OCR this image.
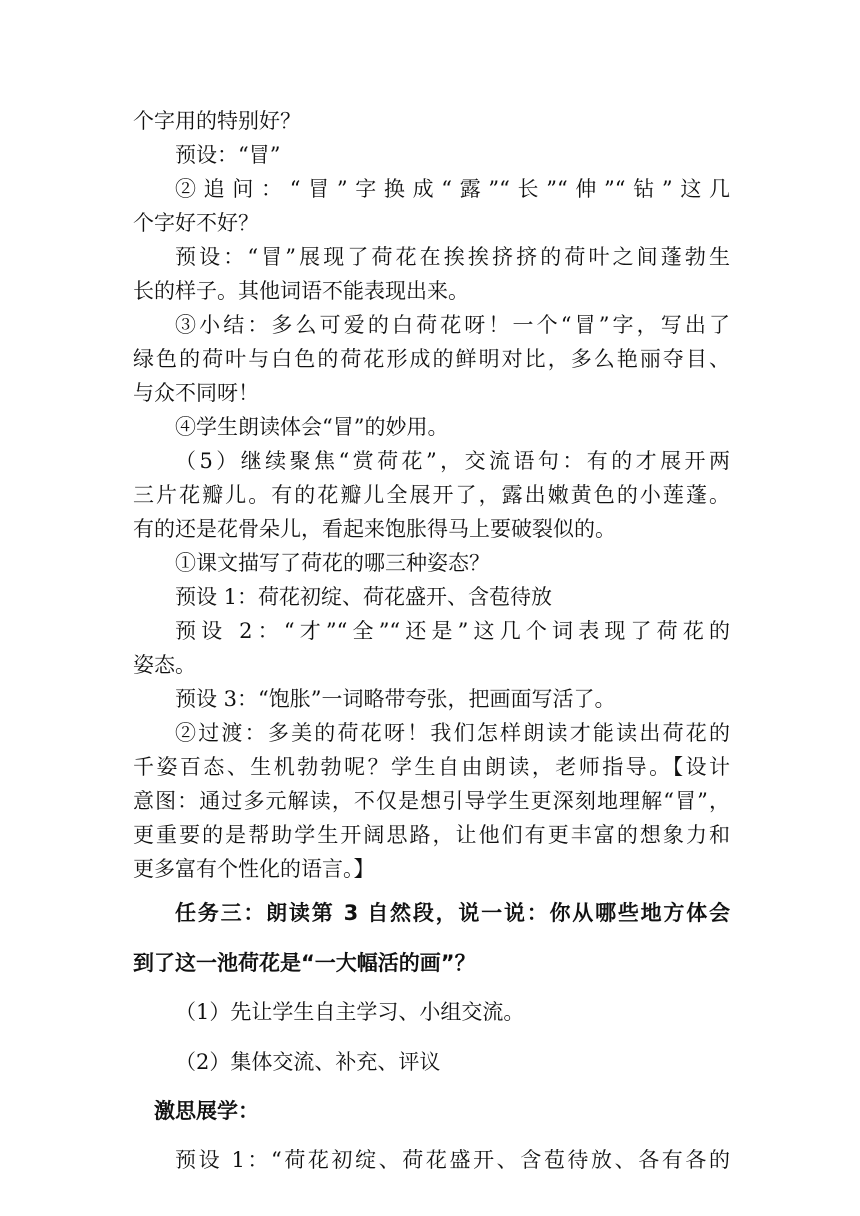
个字用的特别好？

预设：“冒”

②追问：“冒”字换成“露”“长”“伸”“钻”这几

个字好不好？

预设：“冒”展现了荷花在挨挨挤挤的荷叶之间蓬勃生

长的样子。其他词语不能表现出来。

③小结：多么可爱的白荷花呀！一个“冒”字，写出了

绿色的荷叶与白色的荷花形成的鲜明对比，多么艳丽夺目、

与众不同呀！

④学生朗读体会“冒”的妙用。

（5）继续聚焦“赏荷花”，交流语句：有的才展开两

三片花瓣儿。有的花瓣儿全展开了，露出嫩黄色的小莲蓬。

有的还是花骨朵儿，看起来饱胀得马上要破裂似的。

①课文描写了荷花的哪三种姿态？

预设 1：荷花初绽、荷花盛开、含苞待放

预设 2：“才”“全”“还是”这几个词表现了荷花的

姿态。

预设 3：“饱胀”一词略带夸张，把画面写活了。

②过渡：多美的荷花呀！我们怎样朗读才能读出荷花的

千姿百态、生机勃勃呢？学生自由朗读，老师指导。【设计

意图：通过多元解读，不仅是想引导学生更深刻地理解“冒”，

更重要的是帮助学生开阔思路，让他们有更丰富的想象力和

更多富有个性化的语言。】

任务三：朗读第 3 自然段，说一说：你从哪些地方体会

到了这一池荷花是“一大幅活的画”？

（1）先让学生自主学习、小组交流。

（2）集体交流、补充、评议

激思展学：

预设 1：“荷花初绽、荷花盛开、含苞待放、各有各的
